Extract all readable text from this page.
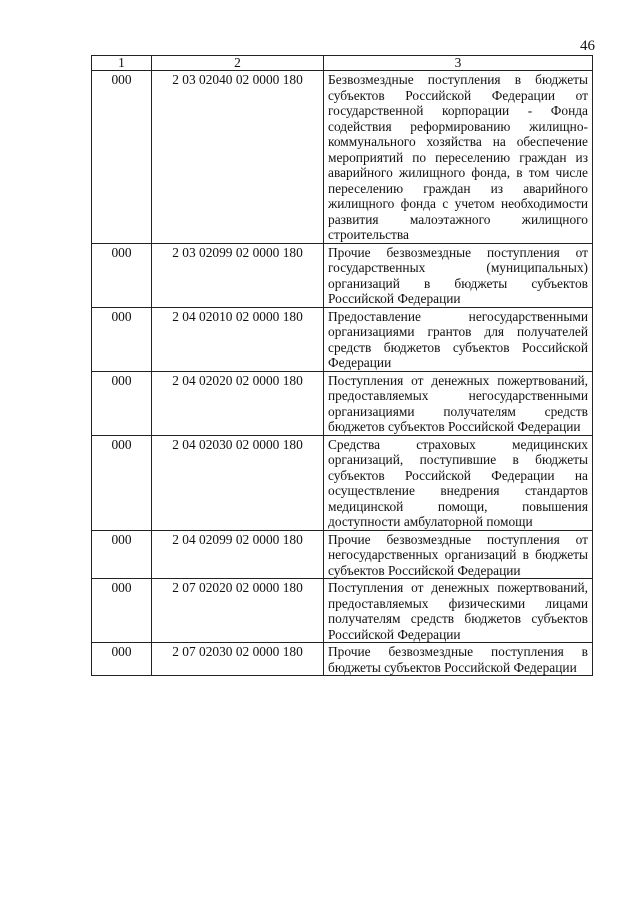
46
1	2	3
000	2 03 02040 02 0000 180	Безвозмездные поступления в бюджеты субъектов Российской Федерации от государственной корпорации - Фонда содействия реформированию жилищно-коммунального хозяйства на обеспечение мероприятий по переселению граждан из аварийного жилищного фонда, в том числе переселению граждан из аварийного жилищного фонда с учетом необходимости развития малоэтажного жилищного строительства
000	2 03 02099 02 0000 180	Прочие безвозмездные поступления от государственных (муниципальных) организаций в бюджеты субъектов Российской Федерации
000	2 04 02010 02 0000 180	Предоставление негосударственными организациями грантов для получателей средств бюджетов субъектов Российской Федерации
000	2 04 02020 02 0000 180	Поступления от денежных пожертвований, предоставляемых негосударственными организациями получателям средств бюджетов субъектов Российской Федерации
000	2 04 02030 02 0000 180	Средства страховых медицинских организаций, поступившие в бюджеты субъектов Российской Федерации на осуществление внедрения стандартов медицинской помощи, повышения доступности амбулаторной помощи
000	2 04 02099 02 0000 180	Прочие безвозмездные поступления от негосударственных организаций в бюджеты субъектов Российской Федерации
000	2 07 02020 02 0000 180	Поступления от денежных пожертвований, предоставляемых физическими лицами получателям средств бюджетов субъектов Российской Федерации
000	2 07 02030 02 0000 180	Прочие безвозмездные поступления в бюджеты субъектов Российской Федерации
